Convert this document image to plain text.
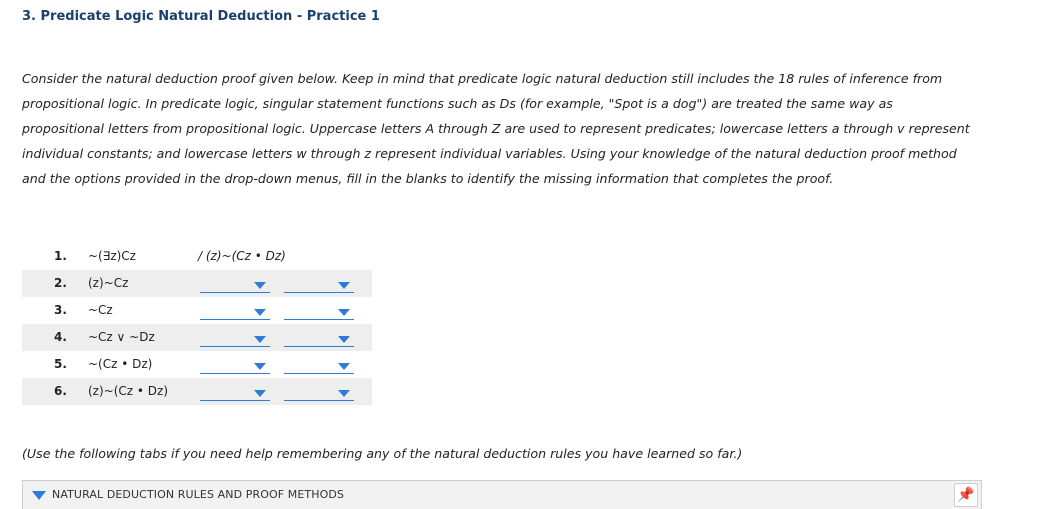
3. Predicate Logic Natural Deduction - Practice 1
Consider the natural deduction proof given below. Keep in mind that predicate logic natural deduction still includes the 18 rules of inference from
propositional logic. In predicate logic, singular statement functions such as Ds (for example, "Spot is a dog") are treated the same way as
propositional letters from propositional logic. Uppercase letters A through Z are used to represent predicates; lowercase letters a through v represent
individual constants; and lowercase letters w through z represent individual variables. Using your knowledge of the natural deduction proof method
and the options provided in the drop-down menus, fill in the blanks to identify the missing information that completes the proof.
1. ~(∃z)Cz	/ (z)~(Cz • Dz)
2. (z)~Cz
3. ~Cz
4. ~Cz ∨ ~Dz
5. ~(Cz • Dz)
6. (z)~(Cz • Dz)
(Use the following tabs if you need help remembering any of the natural deduction rules you have learned so far.)
NATURAL DEDUCTION RULES AND PROOF METHODS	📌
